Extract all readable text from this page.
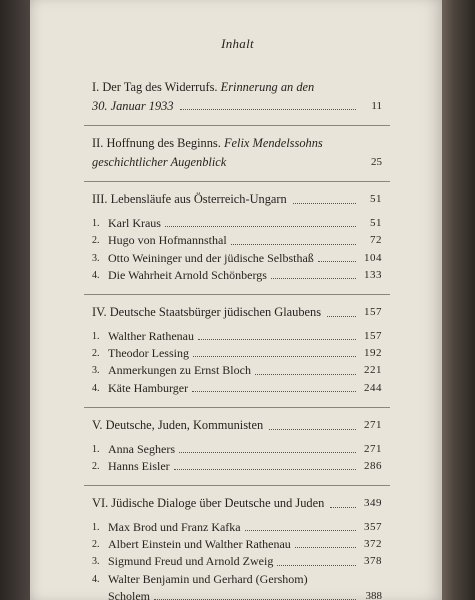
Inhalt
I. Der Tag des Widerrufs. Erinnerung an den
30. Januar 1933	11
II. Hoffnung des Beginns. Felix Mendelssohns
geschichtlicher Augenblick	25
III.
Lebensläufe aus Österreich-Ungarn	51
1. Karl Kraus	51
2. Hugo von Hofmannsthal	72
3. Otto Weininger und der jüdische Selbsthaß	104
4. Die Wahrheit Arnold Schönbergs	133
IV.
Deutsche Staatsbürger jüdischen Glaubens	157
1. Walther Rathenau	157
2. Theodor Lessing	192
3. Anmerkungen zu Ernst Bloch	221
4. Käte Hamburger	244
V.
Deutsche, Juden, Kommunisten	271
1. Anna Seghers	271
2. Hanns Eisler	286
VI.
Jüdische Dialoge über Deutsche und Juden	349
1. Max Brod und Franz Kafka	357
2. Albert Einstein und Walther Rathenau	372
3. Sigmund Freud und Arnold Zweig	378
4. Walter Benjamin und Gerhard (Gershom)
Scholem	388
